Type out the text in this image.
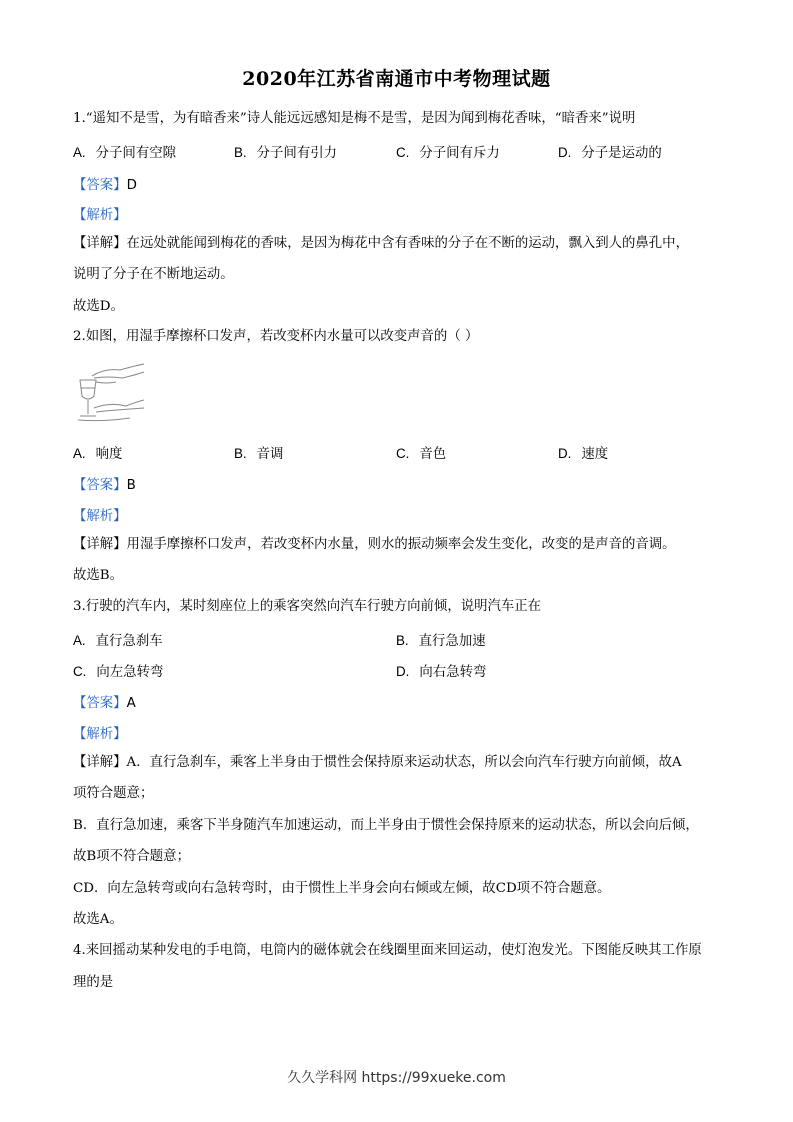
2020年江苏省南通市中考物理试题
1.“遥知不是雪，为有暗香来”诗人能远远感知是梅不是雪，是因为闻到梅花香味，“暗香来”说明
A. 分子间有空隙	B. 分子间有引力	C. 分子间有斥力	D. 分子是运动的
【答案】D
【解析】
【详解】在远处就能闻到梅花的香味，是因为梅花中含有香味的分子在不断的运动，飘入到人的鼻孔中，
说明了分子在不断地运动。
故选D。
2.如图，用湿手摩擦杯口发声，若改变杯内水量可以改变声音的（ ）
A. 响度	B. 音调	C. 音色	D. 速度
【答案】B
【解析】
【详解】用湿手摩擦杯口发声，若改变杯内水量，则水的振动频率会发生变化，改变的是声音的音调。
故选B。
3.行驶的汽车内，某时刻座位上的乘客突然向汽车行驶方向前倾，说明汽车正在
A. 直行急刹车	B. 直行急加速
C. 向左急转弯	D. 向右急转弯
【答案】A
【解析】
【详解】A．直行急刹车，乘客上半身由于惯性会保持原来运动状态，所以会向汽车行驶方向前倾，故A
项符合题意；
B．直行急加速，乘客下半身随汽车加速运动，而上半身由于惯性会保持原来的运动状态，所以会向后倾，
故B项不符合题意；
CD．向左急转弯或向右急转弯时，由于惯性上半身会向右倾或左倾，故CD项不符合题意。
故选A。
4.来回摇动某种发电的手电筒，电筒内的磁体就会在线圈里面来回运动，使灯泡发光。下图能反映其工作原
理的是
久久学科网 https://99xueke.com
